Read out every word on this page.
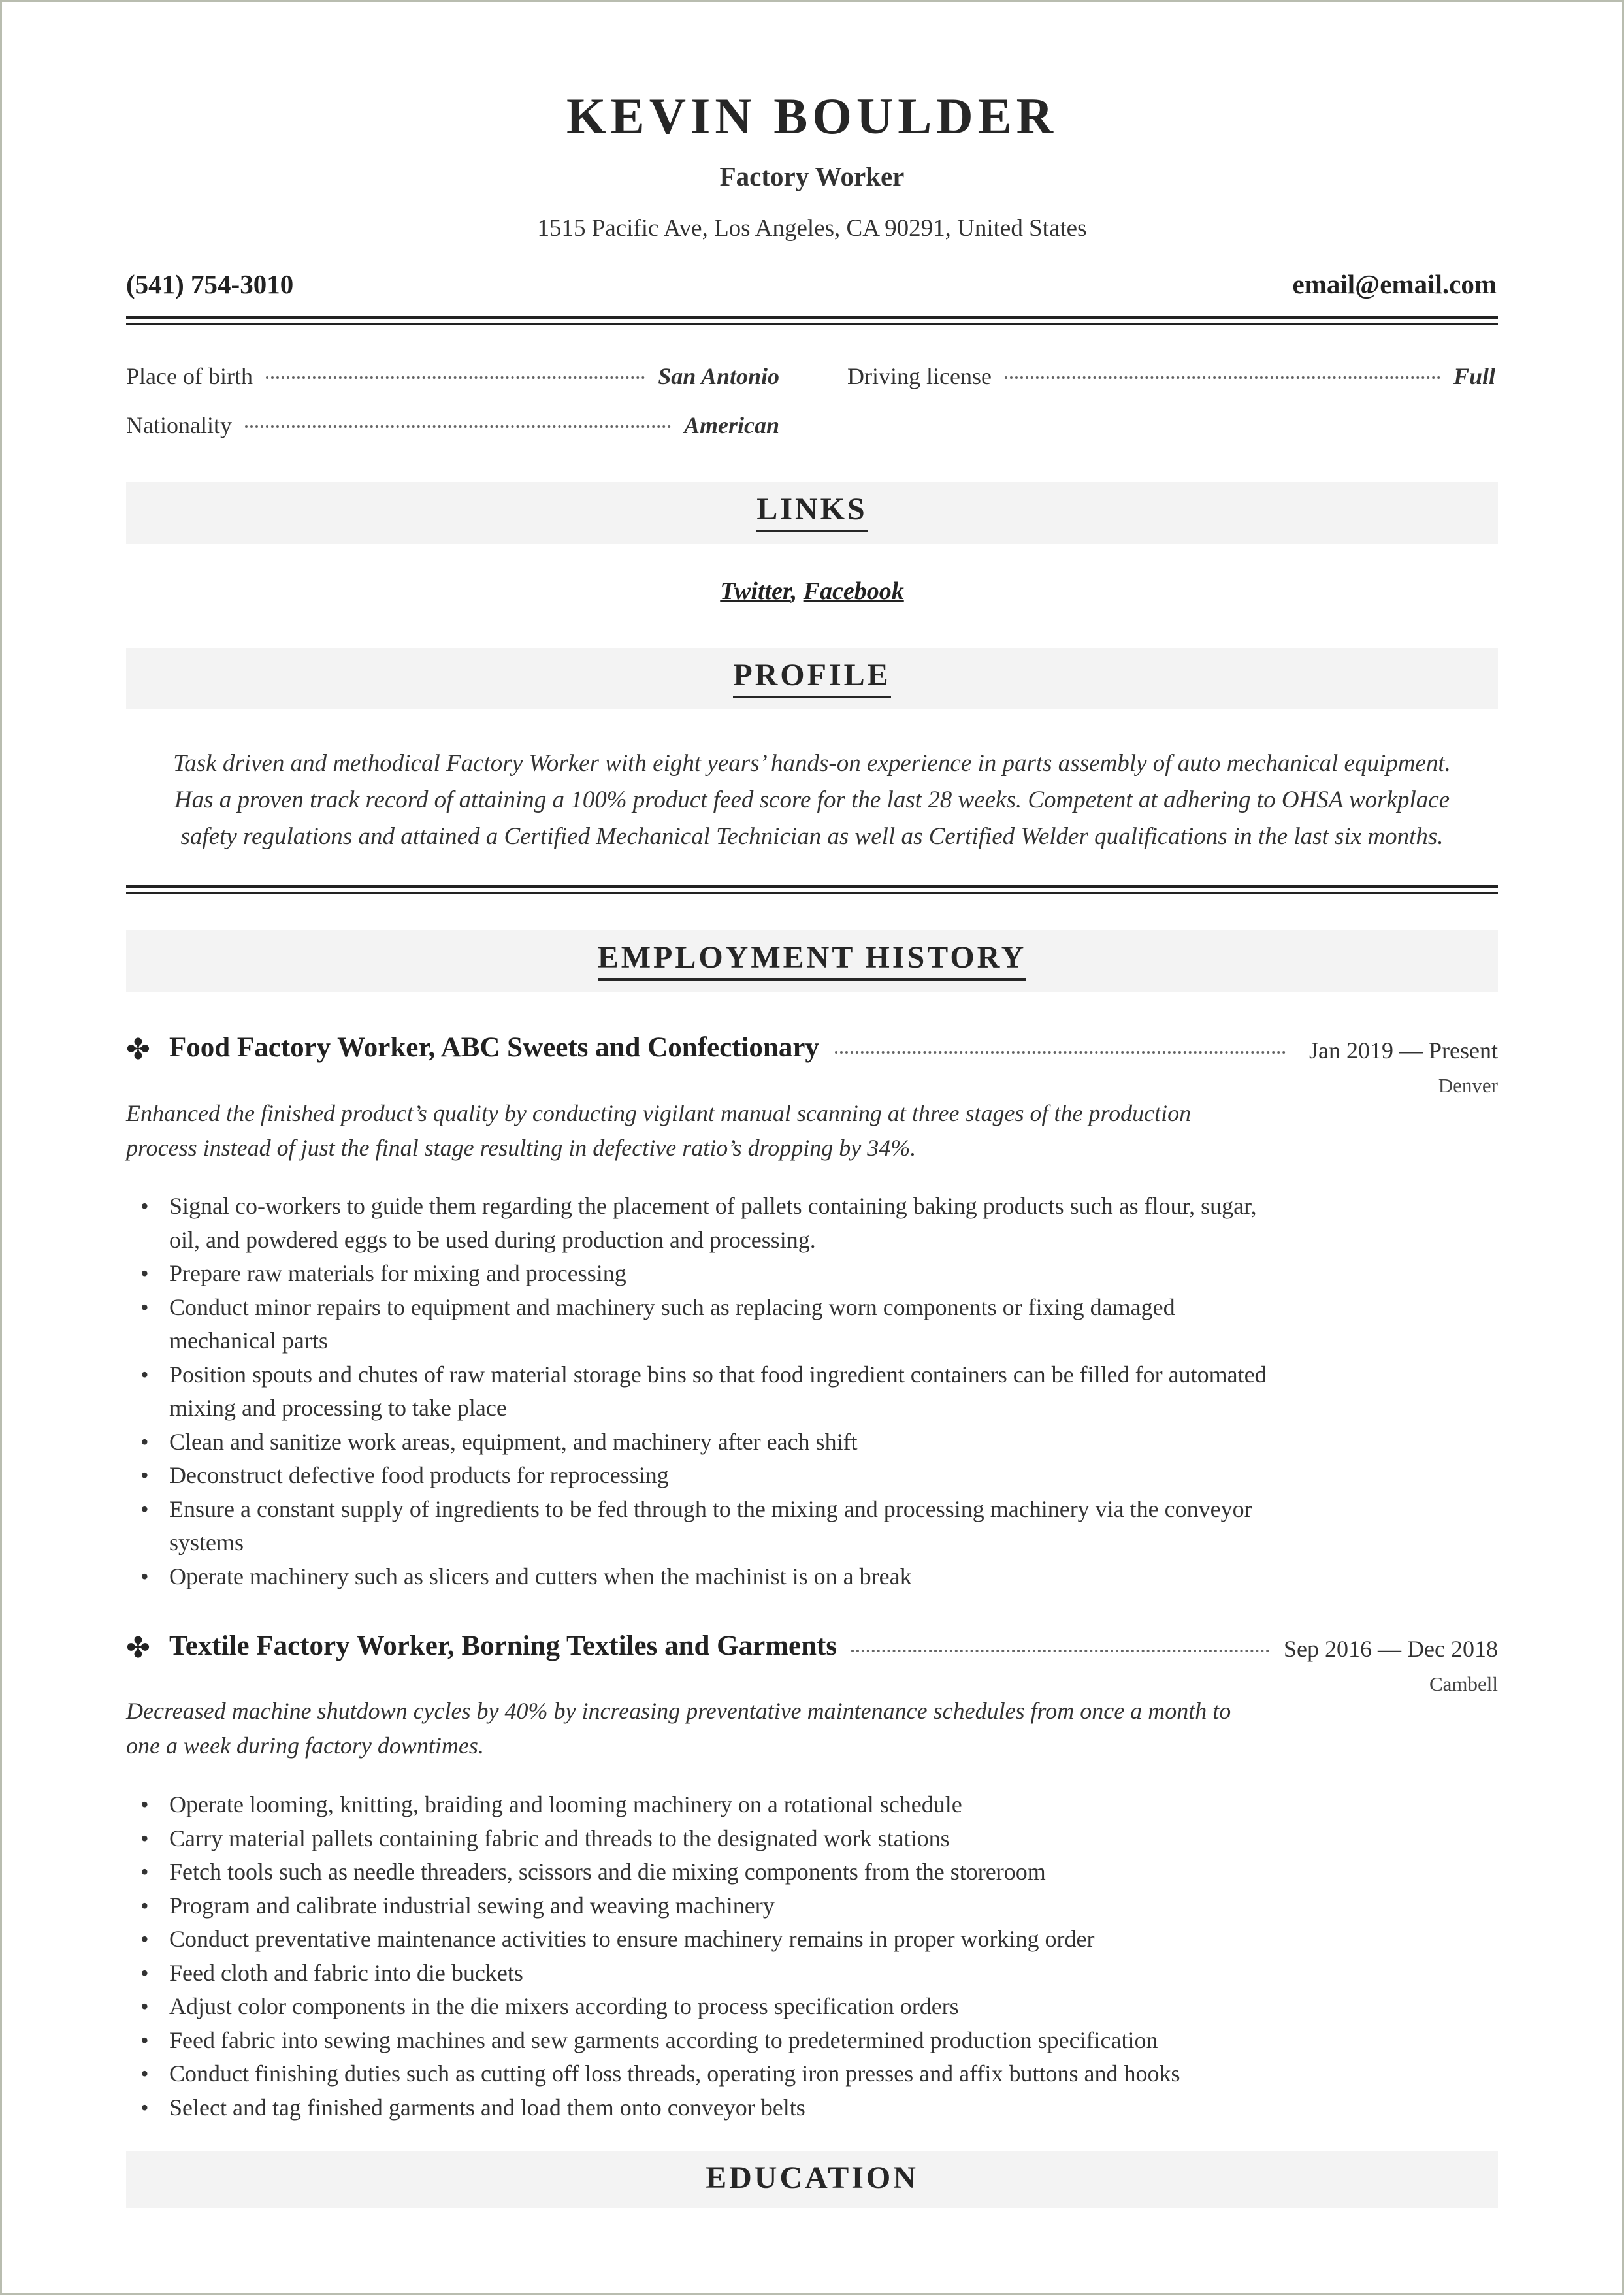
KEVIN BOULDER
Factory Worker
1515 Pacific Ave, Los Angeles, CA 90291, United States
(541) 754-3010	email@email.com
Place of birth	San Antonio	Driving license	Full
Nationality	American
LINKS
Twitter, Facebook
PROFILE
Task driven and methodical Factory Worker with eight years’ hands-on experience in parts assembly of auto mechanical equipment. Has a proven track record of attaining a 100% product feed score for the last 28 weeks. Competent at adhering to OHSA workplace safety regulations and attained a Certified Mechanical Technician as well as Certified Welder qualifications in the last six months.
EMPLOYMENT HISTORY
✤ Food Factory Worker, ABC Sweets and Confectionary	Jan 2019 — Present
Denver
Enhanced the finished product’s quality by conducting vigilant manual scanning at three stages of the production process instead of just the final stage resulting in defective ratio’s dropping by 34%.
• Signal co-workers to guide them regarding the placement of pallets containing baking products such as flour, sugar, oil, and powdered eggs to be used during production and processing.
• Prepare raw materials for mixing and processing
• Conduct minor repairs to equipment and machinery such as replacing worn components or fixing damaged mechanical parts
• Position spouts and chutes of raw material storage bins so that food ingredient containers can be filled for automated mixing and processing to take place
• Clean and sanitize work areas, equipment, and machinery after each shift
• Deconstruct defective food products for reprocessing
• Ensure a constant supply of ingredients to be fed through to the mixing and processing machinery via the conveyor systems
• Operate machinery such as slicers and cutters when the machinist is on a break
✤ Textile Factory Worker, Borning Textiles and Garments	Sep 2016 — Dec 2018
Cambell
Decreased machine shutdown cycles by 40% by increasing preventative maintenance schedules from once a month to one a week during factory downtimes.
• Operate looming, knitting, braiding and looming machinery on a rotational schedule
• Carry material pallets containing fabric and threads to the designated work stations
• Fetch tools such as needle threaders, scissors and die mixing components from the storeroom
• Program and calibrate industrial sewing and weaving machinery
• Conduct preventative maintenance activities to ensure machinery remains in proper working order
• Feed cloth and fabric into die buckets
• Adjust color components in the die mixers according to process specification orders
• Feed fabric into sewing machines and sew garments according to predetermined production specification
• Conduct finishing duties such as cutting off loss threads, operating iron presses and affix buttons and hooks
• Select and tag finished garments and load them onto conveyor belts
EDUCATION
